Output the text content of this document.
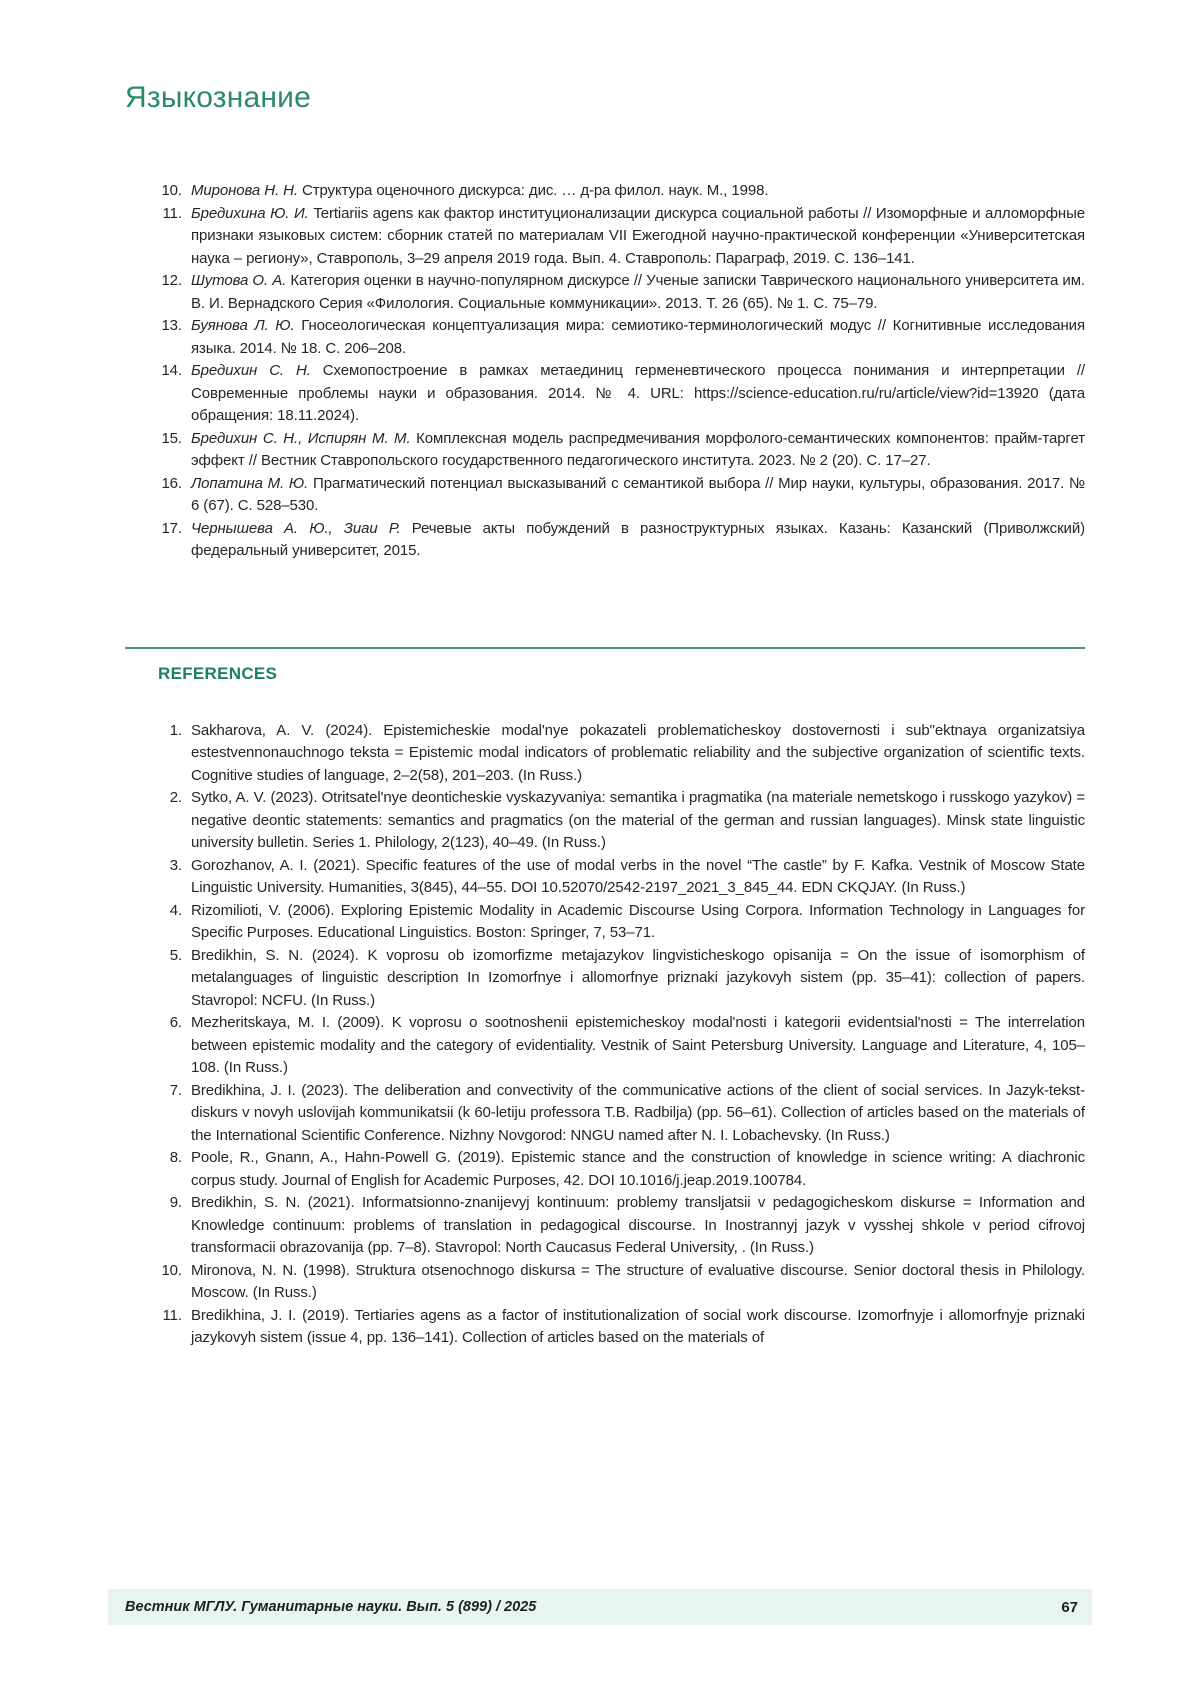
Языкознание
10. Миронова Н. Н. Структура оценочного дискурса: дис. … д-ра филол. наук. М., 1998.
11. Бредихина Ю. И. Tertiariis agens как фактор институционализации дискурса социальной работы // Изоморфные и алломорфные признаки языковых систем: сборник статей по материалам VII Ежегодной научно-практической конференции «Университетская наука – региону», Ставрополь, 3–29 апреля 2019 года. Вып. 4. Ставрополь: Параграф, 2019. С. 136–141.
12. Шутова О. А. Категория оценки в научно-популярном дискурсе // Ученые записки Таврического национального университета им. В. И. Вернадского Серия «Филология. Социальные коммуникации». 2013. Т. 26 (65). № 1. С. 75–79.
13. Буянова Л. Ю. Гносеологическая концептуализация мира: семиотико-терминологический модус // Когнитивные исследования языка. 2014. № 18. С. 206–208.
14. Бредихин С. Н. Схемопостроение в рамках метаединиц герменевтического процесса понимания и интерпретации // Современные проблемы науки и образования. 2014. № 4. URL: https://science-education.ru/ru/article/view?id=13920 (дата обращения: 18.11.2024).
15. Бредихин С. Н., Испирян М. М. Комплексная модель распредмечивания морфолого-семантических компонентов: прайм-таргет эффект // Вестник Ставропольского государственного педагогического института. 2023. № 2 (20). С. 17–27.
16. Лопатина М. Ю. Прагматический потенциал высказываний с семантикой выбора // Мир науки, культуры, образования. 2017. № 6 (67). С. 528–530.
17. Чернышева А. Ю., Зиаи Р. Речевые акты побуждений в разноструктурных языках. Казань: Казанский (Приволжский) федеральный университет, 2015.
REFERENCES
1. Sakharova, A. V. (2024). Epistemicheskie modal'nye pokazateli problematicheskoy dostovernosti i sub"ektnaya organizatsiya estestvennonauchnogo teksta = Epistemic modal indicators of problematic reliability and the subjective organization of scientific texts. Cognitive studies of language, 2–2(58), 201–203. (In Russ.)
2. Sytko, A. V. (2023). Otritsatel'nye deonticheskie vyskazyvaniya: semantika i pragmatika (na materiale nemetskogo i russkogo yazykov) = negative deontic statements: semantics and pragmatics (on the material of the german and russian languages). Minsk state linguistic university bulletin. Series 1. Philology, 2(123), 40–49. (In Russ.)
3. Gorozhanov, A. I. (2021). Specific features of the use of modal verbs in the novel “The castle” by F. Kafka. Vestnik of Moscow State Linguistic University. Humanities, 3(845), 44–55. DOI 10.52070/2542-2197_2021_3_845_44. EDN CKQJAY. (In Russ.)
4. Rizomilioti, V. (2006). Exploring Epistemic Modality in Academic Discourse Using Corpora. Information Technology in Languages for Specific Purposes. Educational Linguistics. Boston: Springer, 7, 53–71.
5. Bredikhin, S. N. (2024). K voprosu ob izomorfizme metajazykov lingvisticheskogo opisanija = On the issue of isomorphism of metalanguages of linguistic description In Izomorfnye i allomorfnye priznaki jazykovyh sistem (pp. 35–41): collection of papers. Stavropol: NCFU. (In Russ.)
6. Mezheritskaya, M. I. (2009). K voprosu o sootnoshenii epistemicheskoy modal'nosti i kategorii evidentsial'nosti = The interrelation between epistemic modality and the category of evidentiality. Vestnik of Saint Petersburg University. Language and Literature, 4, 105–108. (In Russ.)
7. Bredikhina, J. I. (2023). The deliberation and convectivity of the communicative actions of the client of social services. In Jazyk-tekst-diskurs v novyh uslovijah kommunikatsii (k 60-letiju professora T.B. Radbilja) (pp. 56–61). Collection of articles based on the materials of the International Scientific Conference. Nizhny Novgorod: NNGU named after N. I. Lobachevsky. (In Russ.)
8. Poole, R., Gnann, A., Hahn-Powell G. (2019). Epistemic stance and the construction of knowledge in science writing: A diachronic corpus study. Journal of English for Academic Purposes, 42. DOI 10.1016/j.jeap.2019.100784.
9. Bredikhin, S. N. (2021). Informatsionno-znanijevyj kontinuum: problemy transljatsii v pedagogicheskom diskurse = Information and Knowledge continuum: problems of translation in pedagogical discourse. In Inostrannyj jazyk v vysshej shkole v period cifrovoj transformacii obrazovanija (pp. 7–8). Stavropol: North Caucasus Federal University, . (In Russ.)
10. Mironova, N. N. (1998). Struktura otsenochnogo diskursa = The structure of evaluative discourse. Senior doctoral thesis in Philology. Moscow. (In Russ.)
11. Bredikhina, J. I. (2019). Tertiaries agens as a factor of institutionalization of social work discourse. Izomorfnyje i allomorfnyje priznaki jazykovyh sistem (issue 4, pp. 136–141). Collection of articles based on the materials of
Вестник МГЛУ. Гуманитарные науки. Вып. 5 (899) / 2025	67
